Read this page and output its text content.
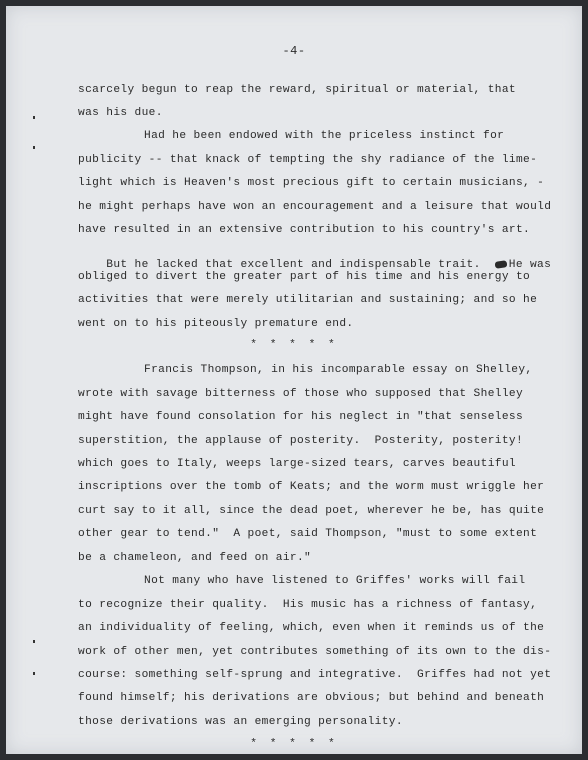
-4-
scarcely begun to reap the reward, spiritual or material, that
was his due.
Had he been endowed with the priceless instinct for
publicity -- that knack of tempting the shy radiance of the lime-
light which is Heaven's most precious gift to certain musicians, -
he might perhaps have won an encouragement and a leisure that would
have resulted in an extensive contribution to his country's art.

But he lacked that excellent and indispensable trait.	He was

obliged to divert the greater part of his time and his energy to
activities that were merely utilitarian and sustaining; and so he
went on to his piteously premature end.
* * * * *
Francis Thompson, in his incomparable essay on Shelley,
wrote with savage bitterness of those who supposed that Shelley
might have found consolation for his neglect in "that senseless
superstition, the applause of posterity.  Posterity, posterity!
which goes to Italy, weeps large-sized tears, carves beautiful
inscriptions over the tomb of Keats; and the worm must wriggle her
curt say to it all, since the dead poet, wherever he be, has quite
other gear to tend."  A poet, said Thompson, "must to some extent
be a chameleon, and feed on air."
Not many who have listened to Griffes' works will fail
to recognize their quality.  His music has a richness of fantasy,
an individuality of feeling, which, even when it reminds us of the
work of other men, yet contributes something of its own to the dis-
course: something self-sprung and integrative.  Griffes had not yet
found himself; his derivations are obvious; but behind and beneath
those derivations was an emerging personality.
* * * * *
